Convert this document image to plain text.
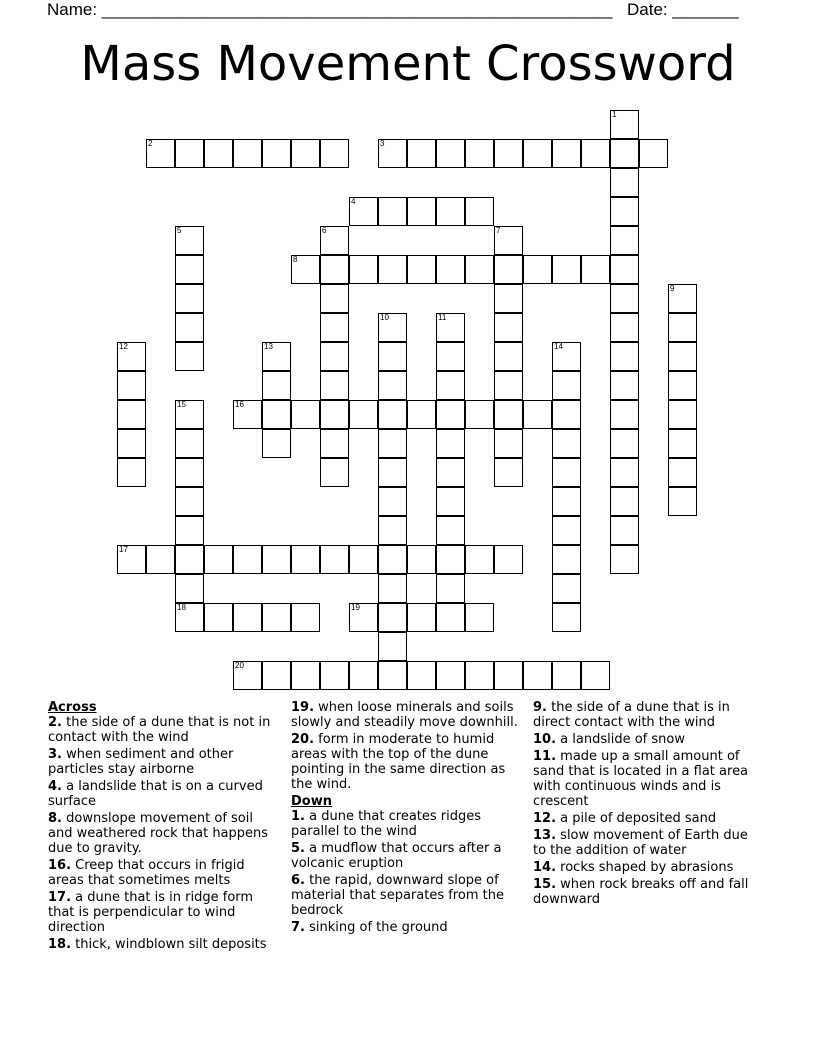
Name: ______________________________________________________ Date: _______
Mass Movement Crossword
1
2	3
4
5	6	7
8
9
10	11
12	13	14
15
18
16
17
19
20
Across
2. the side of a dune that is not in contact with the wind
3. when sediment and other particles stay airborne
4. a landslide that is on a curved surface
8. downslope movement of soil and weathered rock that happens due to gravity.
16. Creep that occurs in frigid areas that sometimes melts
17. a dune that is in ridge form that is perpendicular to wind direction
18. thick, windblown silt deposits
19. when loose minerals and soils slowly and steadily move downhill.
20. form in moderate to humid areas with the top of the dune pointing in the same direction as the wind.
Down
1. a dune that creates ridges parallel to the wind
5. a mudflow that occurs after a volcanic eruption
6. the rapid, downward slope of material that separates from the bedrock
7. sinking of the ground
9. the side of a dune that is in direct contact with the wind
10. a landslide of snow
11. made up a small amount of sand that is located in a flat area with continuous winds and is crescent
12. a pile of deposited sand
13. slow movement of Earth due to the addition of water
14. rocks shaped by abrasions
15. when rock breaks off and fall downward
